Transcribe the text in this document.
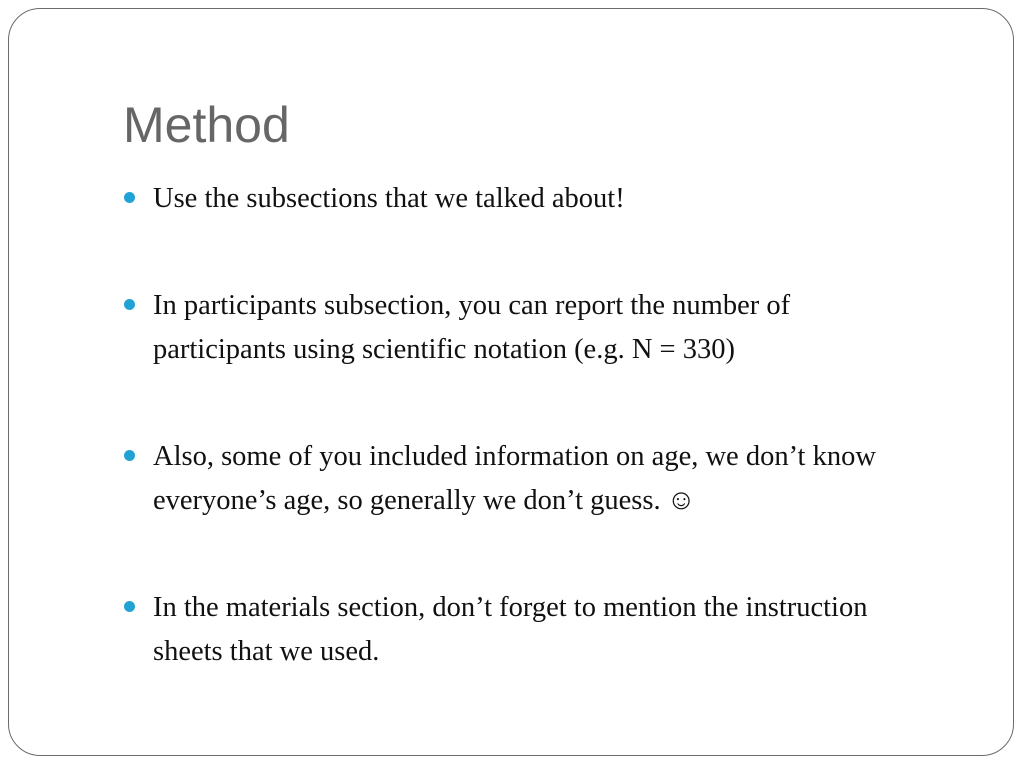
Method
Use the subsections that we talked about!
In participants subsection, you can report the number of participants using scientific notation (e.g. N = 330)
Also, some of you included information on age, we don’t know everyone’s age, so generally we don’t guess. ☺
In the materials section, don’t forget to mention the instruction sheets that we used.
